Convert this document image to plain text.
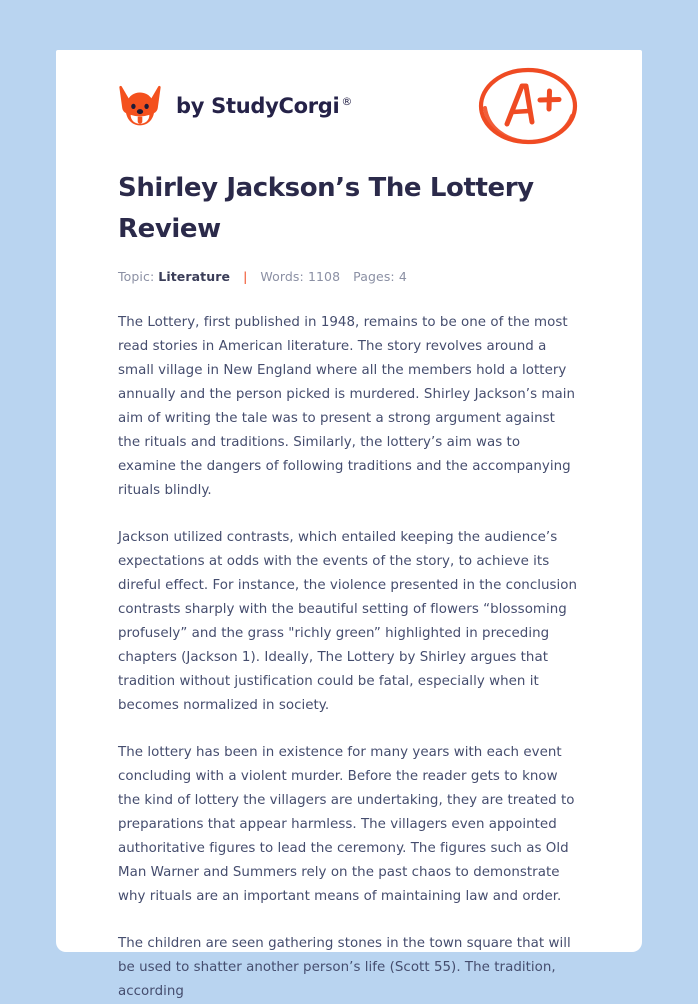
by StudyCorgi ®
Shirley Jackson’s The Lottery Review
Topic: Literature | Words: 1108 Pages: 4

The Lottery, first published in 1948, remains to be one of the most read stories in American literature. The story revolves around a small village in New England where all the members hold a lottery annually and the person picked is murdered. Shirley Jackson’s main aim of writing the tale was to present a strong argument against the rituals and traditions. Similarly, the lottery’s aim was to examine the dangers of following traditions and the accompanying rituals blindly.

Jackson utilized contrasts, which entailed keeping the audience’s expectations at odds with the events of the story, to achieve its direful effect. For instance, the violence presented in the conclusion contrasts sharply with the beautiful setting of flowers “blossoming profusely” and the grass "richly green” highlighted in preceding chapters (Jackson 1). Ideally, The Lottery by Shirley argues that tradition without justification could be fatal, especially when it becomes normalized in society.

The lottery has been in existence for many years with each event concluding with a violent murder. Before the reader gets to know the kind of lottery the villagers are undertaking, they are treated to preparations that appear harmless. The villagers even appointed authoritative figures to lead the ceremony. The figures such as Old Man Warner and Summers rely on the past chaos to demonstrate why rituals are an important means of maintaining law and order.

The children are seen gathering stones in the town square that will be used to shatter another person’s life (Scott 55). The tradition, according
